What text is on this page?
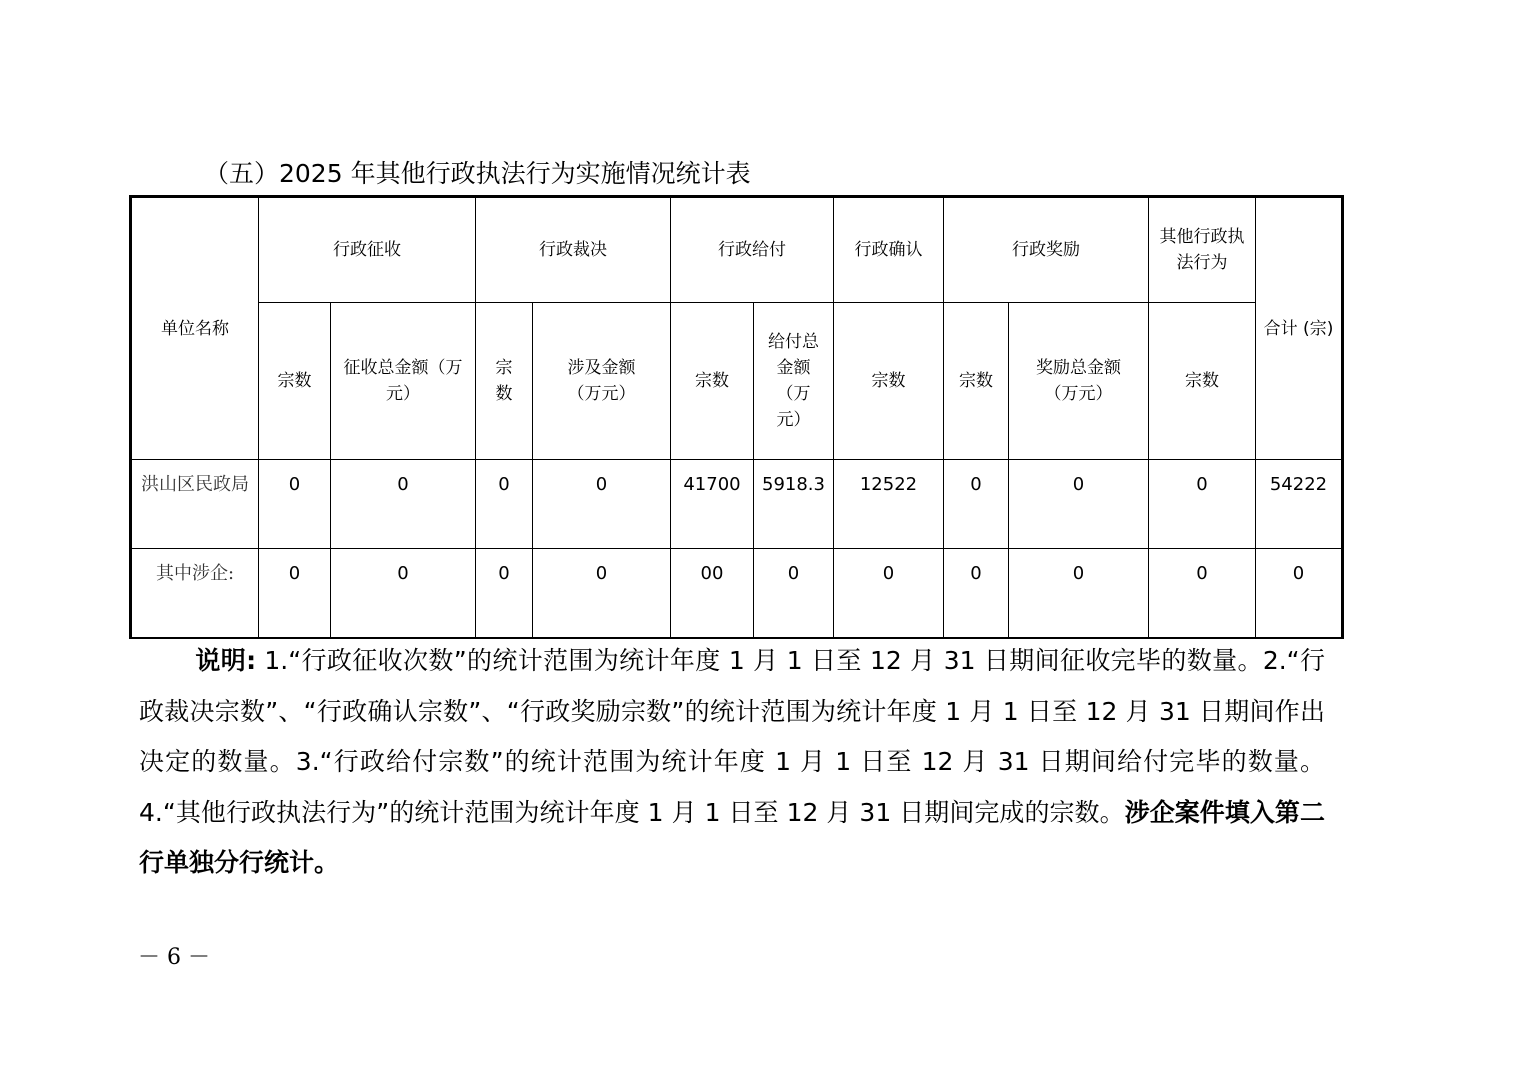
（五）2025 年其他行政执法行为实施情况统计表
单位名称	行政征收		行政裁决		行政给付		行政确认	行政奖励		其他行政执法行为	合计 (宗)
	宗数	征收总金额（万元）	宗数	涉及金额（万元）	宗数	给付总金额（万元）	宗数	宗数	奖励总金额（万元）	宗数	
洪山区民政局	0	0	0	0	41700	5918.3	12522	0	0	0	54222
其中涉企:	0	0	0	0	00	0	0	0	0	0	0
说明: 1.“行政征收次数”的统计范围为统计年度 1 月 1 日至 12 月 31 日期间征收完毕的数量。2.“行政裁决宗数”、“行政确认宗数”、“行政奖励宗数”的统计范围为统计年度 1 月 1 日至 12 月 31 日期间作出决定的数量。3.“行政给付宗数”的统计范围为统计年度 1 月 1 日至 12 月 31 日期间给付完毕的数量。4.“其他行政执法行为”的统计范围为统计年度 1 月 1 日至 12 月 31 日期间完成的宗数。涉企案件填入第二行单独分行统计。
－ 6 －
